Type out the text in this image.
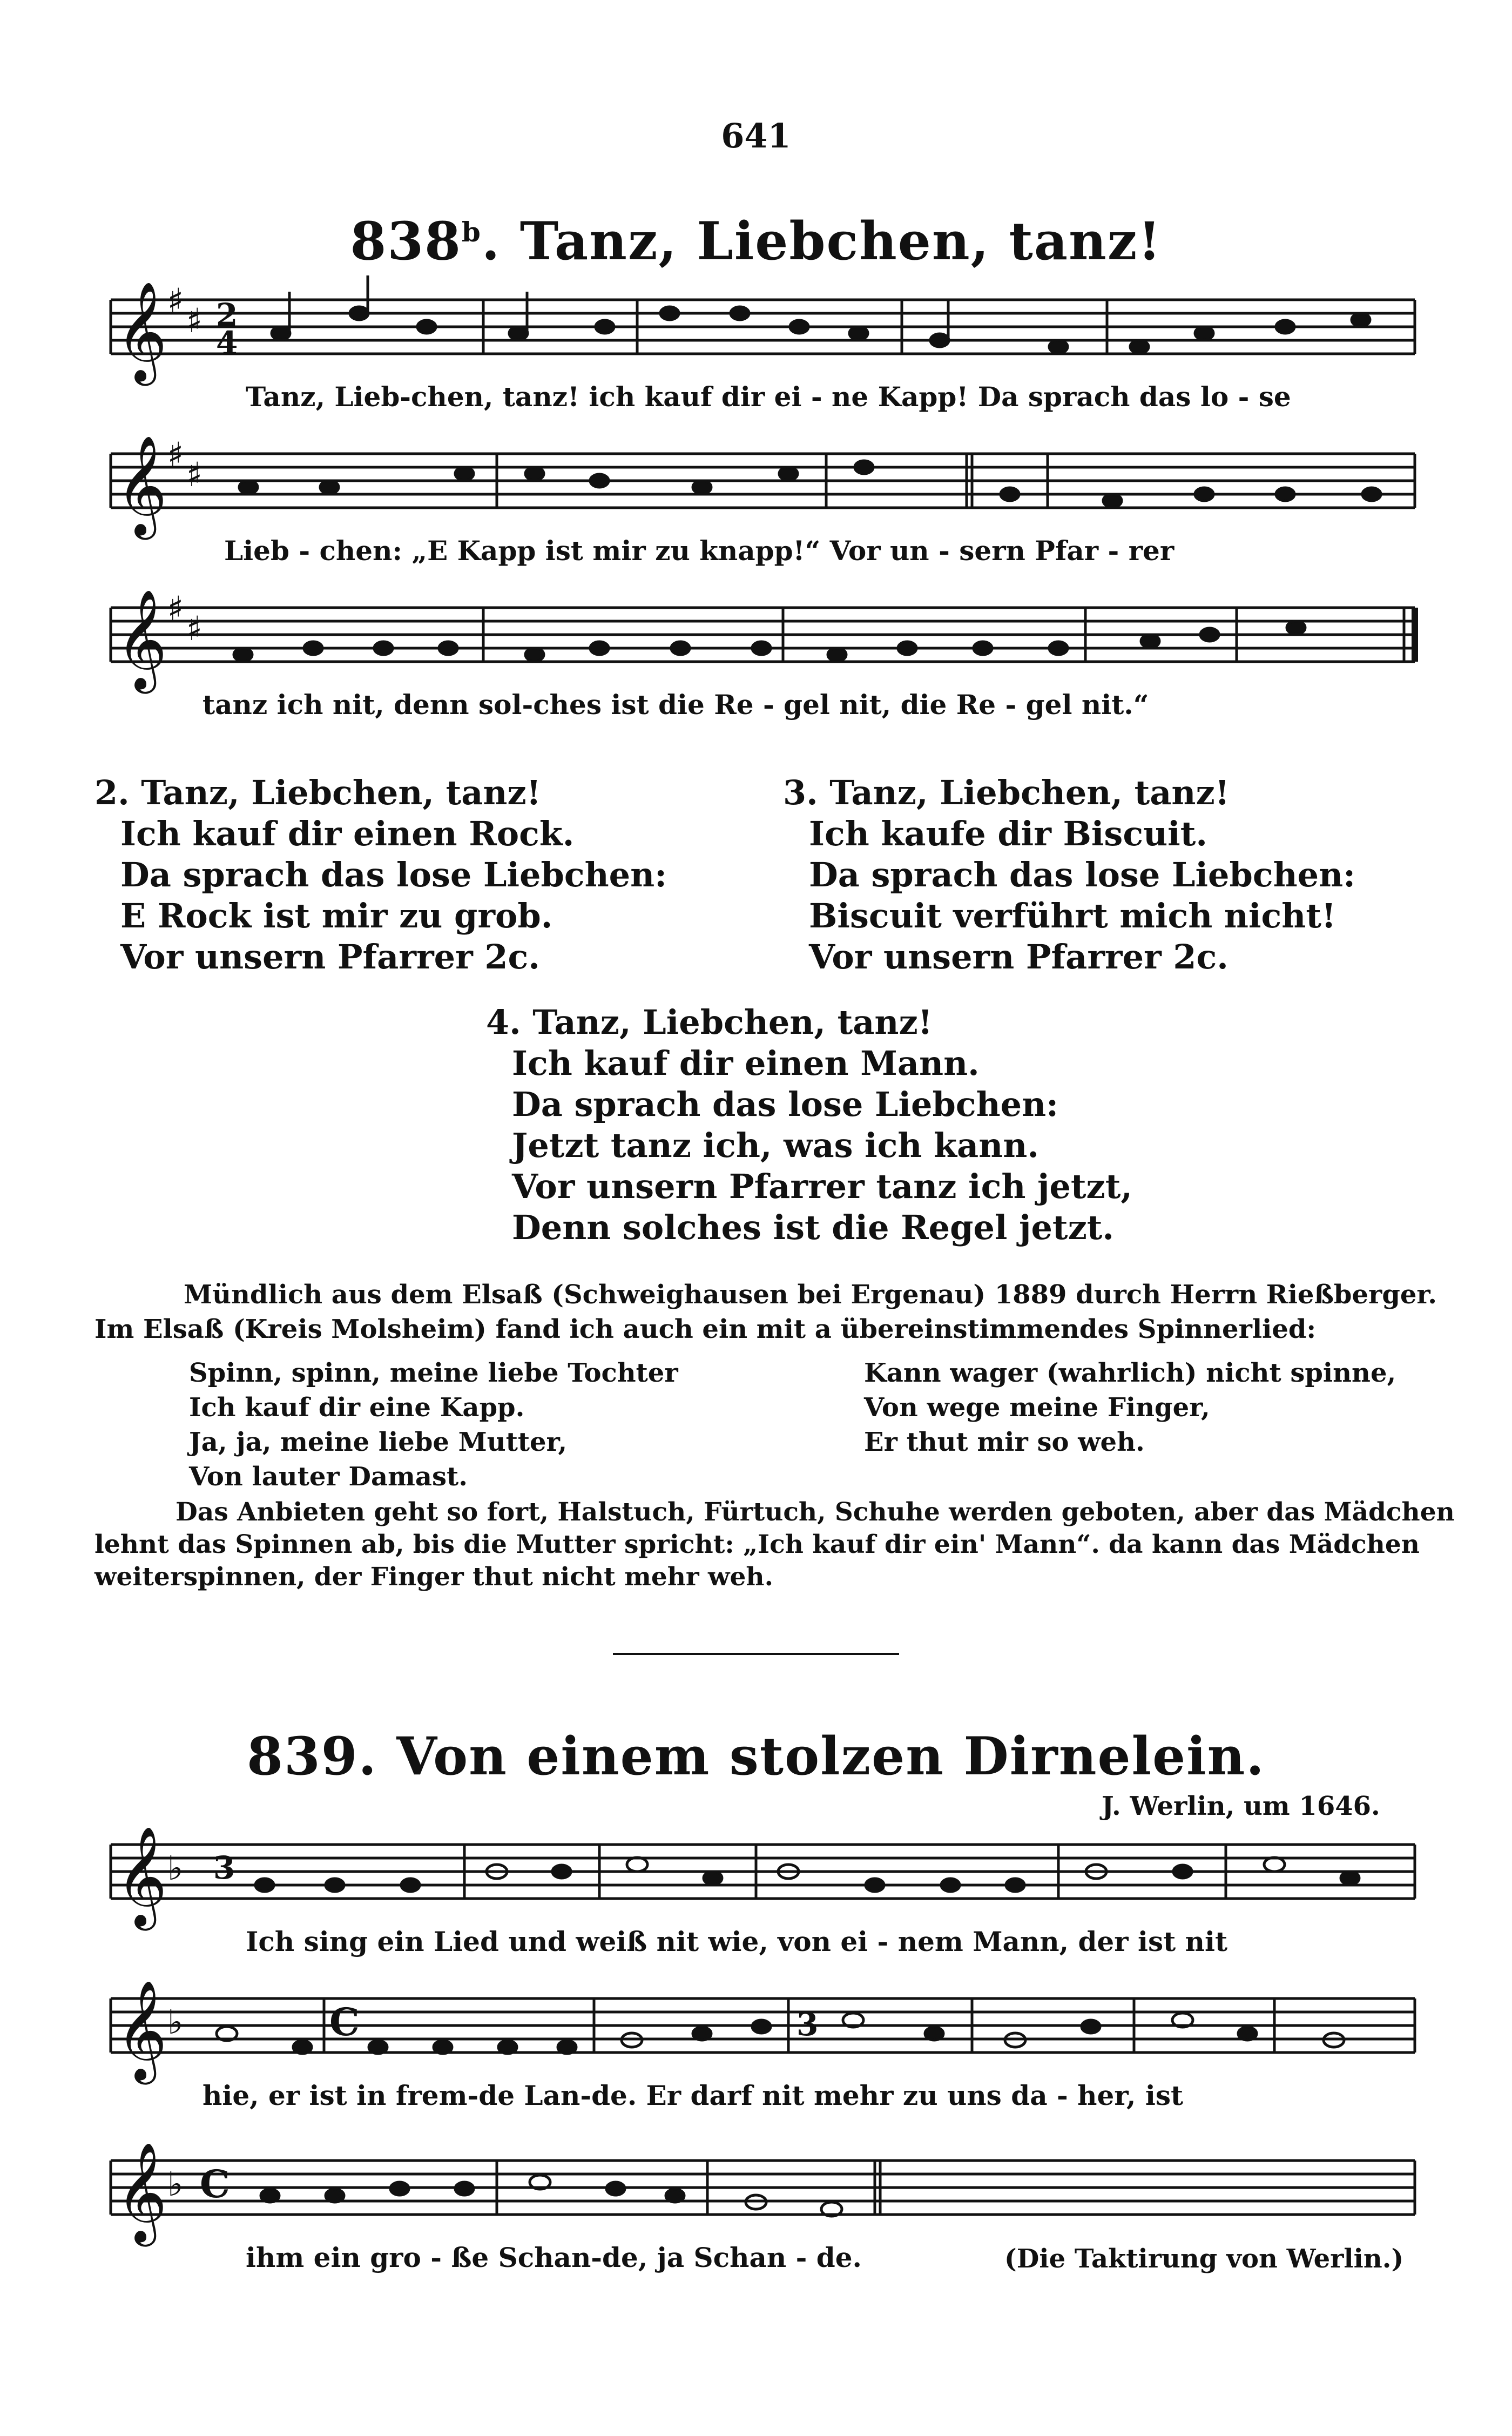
641
838$^b$. Tanz, Liebchen, tanz!
𝄞
𝄞
𝄞
𝄞
𝄞
𝄞
♯
♯
♯
♯
♯
♯
♭
♭
♭
2
4
3
C	3
C
Tanz, Lieb-chen, tanz! ich kauf dir ei - ne Kapp! Da sprach das lo - se
Lieb - chen: „E Kapp ist mir zu knapp!“ Vor un - sern Pfar - rer
tanz ich nit, denn sol-ches ist die Re - gel nit, die Re - gel nit.“
2. Tanz, Liebchen, tanz!
Ich kauf dir einen Rock.
Da sprach das lose Liebchen:
E Rock ist mir zu grob.
Vor unsern Pfarrer 2c.
3. Tanz, Liebchen, tanz!
Ich kaufe dir Biscuit.
Da sprach das lose Liebchen:
Biscuit verführt mich nicht!
Vor unsern Pfarrer 2c.
4. Tanz, Liebchen, tanz!
Ich kauf dir einen Mann.
Da sprach das lose Liebchen:
Jetzt tanz ich, was ich kann.
Vor unsern Pfarrer tanz ich jetzt,
Denn solches ist die Regel jetzt.
Mündlich aus dem Elsaß (Schweighausen bei Ergenau) 1889 durch Herrn Rießberger.
Im Elsaß (Kreis Molsheim) fand ich auch ein mit a übereinstimmendes Spinnerlied:
Spinn, spinn, meine liebe Tochter
Ich kauf dir eine Kapp.
Ja, ja, meine liebe Mutter,
Von lauter Damast.
Kann wager (wahrlich) nicht spinne,
Von wege meine Finger,
Er thut mir so weh.
Das Anbieten geht so fort, Halstuch, Fürtuch, Schuhe werden geboten, aber das Mädchen
lehnt das Spinnen ab, bis die Mutter spricht: „Ich kauf dir ein' Mann“. da kann das Mädchen
weiterspinnen, der Finger thut nicht mehr weh.
839. Von einem stolzen Dirnelein.
J. Werlin, um 1646.
Ich sing ein Lied und weiß nit wie, von ei - nem Mann, der ist nit
hie, er ist in frem-de Lan-de. Er darf nit mehr zu uns da - her, ist
ihm ein gro - ße Schan-de, ja Schan - de.	(Die Taktirung von Werlin.)
